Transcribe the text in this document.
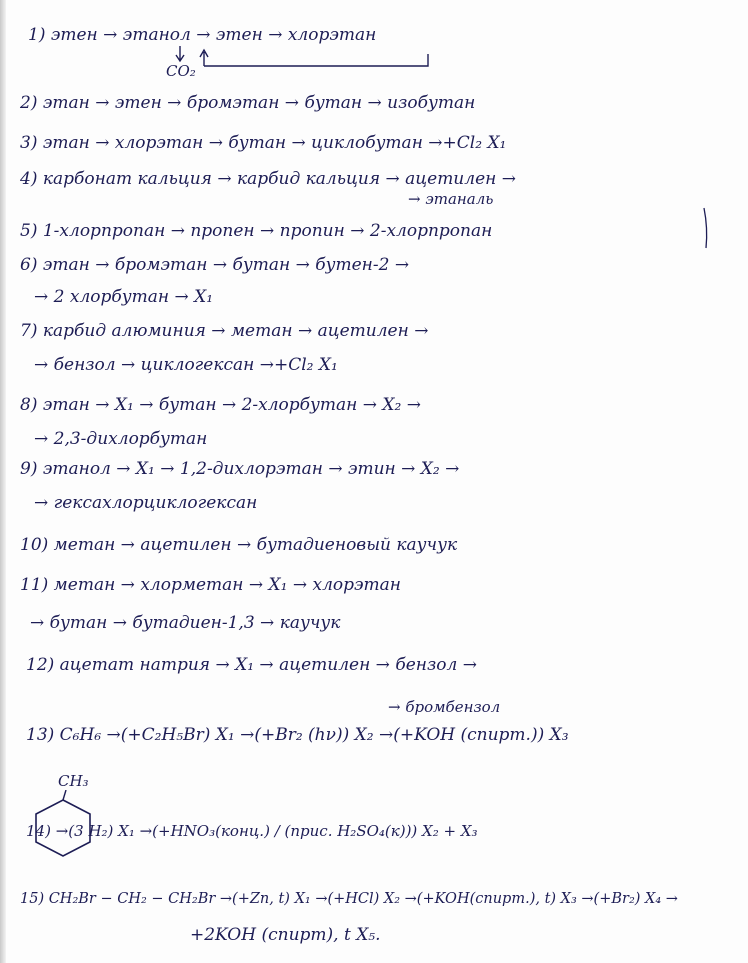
1) этен → этанол → этен → хлорэтан
CO₂
2) этан → этен → бромэтан → бутан → изобутан
3) этан → хлорэтан → бутан → циклобутан →+Cl₂ X₁
4) карбонат кальция → карбид кальция → ацетилен →
→ этаналь
5) 1-хлорпропан → пропен → пропин → 2-хлорпропан
6) этан → бромэтан → бутан → бутен-2 →
→ 2 хлорбутан → X₁
7) карбид алюминия → метан → ацетилен →
→ бензол → циклогексан →+Cl₂ X₁
8) этан → X₁ → бутан → 2-хлорбутан → X₂ →
→ 2,3-дихлорбутан
9) этанол → X₁ → 1,2-дихлорэтан → этин → X₂ →
→ гексахлорциклогексан
10) метан → ацетилен → бутадиеновый каучук
11) метан → хлорметан → X₁ → хлорэтан
→ бутан → бутадиен-1,3 → каучук
12) ацетат натрия → X₁ → ацетилен → бензол →
→ бромбензол
13) C₆H₆ →(+C₂H₅Br) X₁ →(+Br₂ (hν)) X₂ →(+KOH (спирт.)) X₃
CH₃
14) →(3 H₂) X₁ →(+HNO₃(конц.) / (прис. H₂SO₄(к))) X₂ + X₃
15) CH₂Br − CH₂ − CH₂Br →(+Zn, t) X₁ →(+HCl) X₂ →(+KOH(спирт.), t) X₃ →(+Br₂) X₄ →
+2KOH (спирт), t X₅.
